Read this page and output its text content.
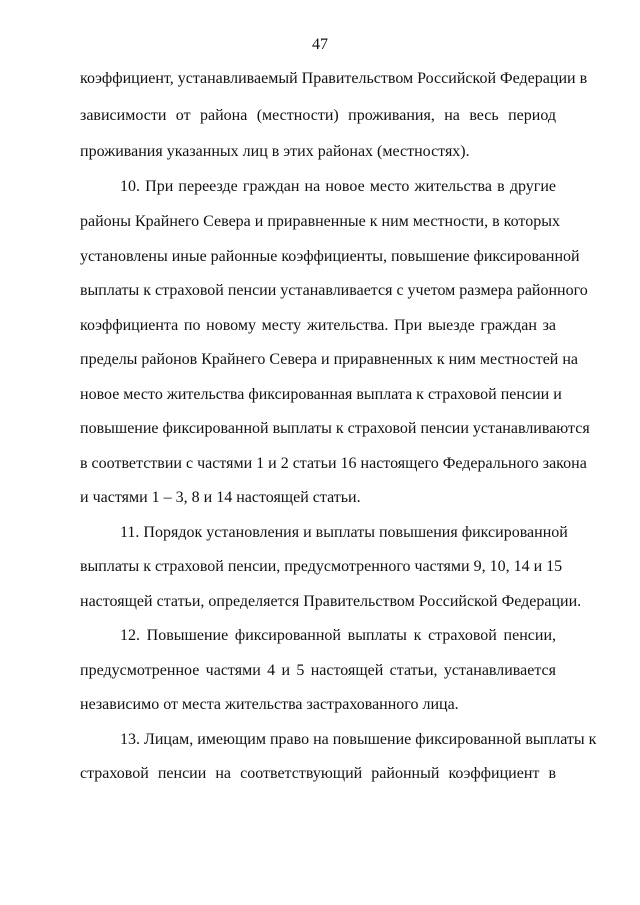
47
коэффициент, устанавливаемый Правительством Российской Федерации в
зависимости от района (местности) проживания, на весь период
проживания указанных лиц в этих районах (местностях).
10. При переезде граждан на новое место жительства в другие
районы Крайнего Севера и приравненные к ним местности, в которых
установлены иные районные коэффициенты, повышение фиксированной
выплаты к страховой пенсии устанавливается с учетом размера районного
коэффициента по новому месту жительства. При выезде граждан за
пределы районов Крайнего Севера и приравненных к ним местностей на
новое место жительства фиксированная выплата к страховой пенсии и
повышение фиксированной выплаты к страховой пенсии устанавливаются
в соответствии с частями 1 и 2 статьи 16 настоящего Федерального закона
и частями 1 – 3, 8 и 14 настоящей статьи.
11. Порядок установления и выплаты повышения фиксированной
выплаты к страховой пенсии, предусмотренного частями 9, 10, 14 и 15
настоящей статьи, определяется Правительством Российской Федерации.
12. Повышение фиксированной выплаты к страховой пенсии,
предусмотренное частями 4 и 5 настоящей статьи, устанавливается
независимо от места жительства застрахованного лица.
13. Лицам, имеющим право на повышение фиксированной выплаты к
страховой пенсии на соответствующий районный коэффициент в
